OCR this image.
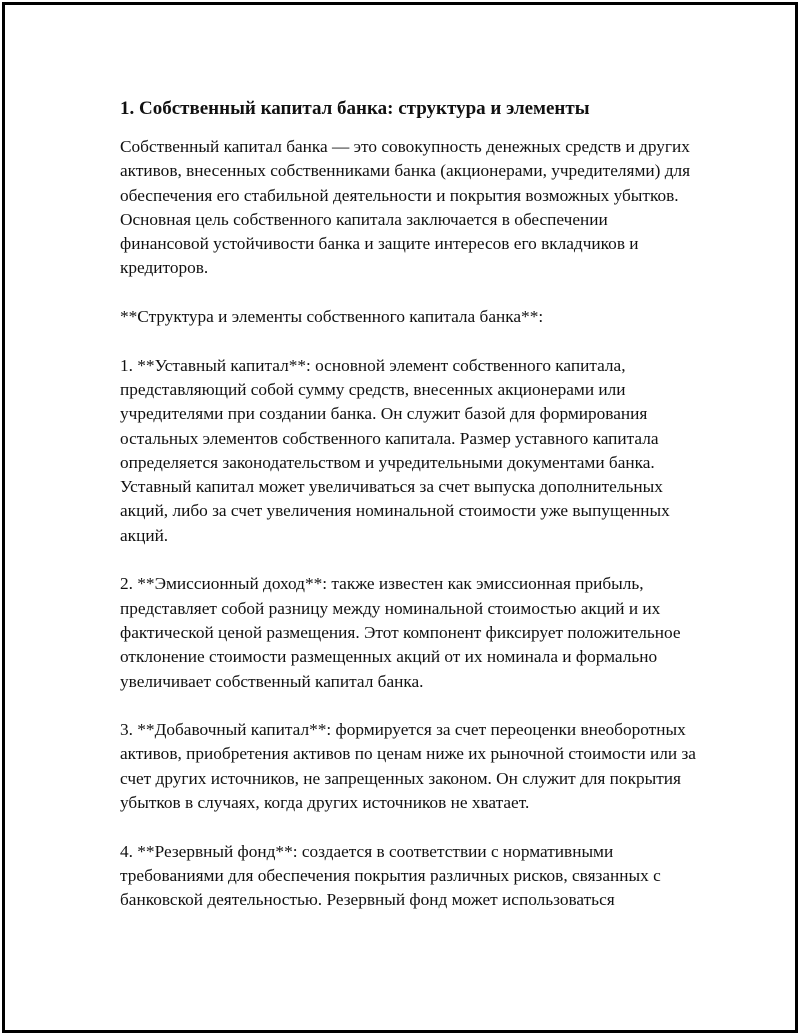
1. Собственный капитал банка: структура и элементы

Собственный капитал банка — это совокупность денежных средств и других активов, внесенных собственниками банка (акционерами, учредителями) для обеспечения его стабильной деятельности и покрытия возможных убытков. Основная цель собственного капитала заключается в обеспечении финансовой устойчивости банка и защите интересов его вкладчиков и кредиторов.

**Структура и элементы собственного капитала банка**:

1. **Уставный капитал**: основной элемент собственного капитала, представляющий собой сумму средств, внесенных акционерами или учредителями при создании банка. Он служит базой для формирования остальных элементов собственного капитала. Размер уставного капитала определяется законодательством и учредительными документами банка. Уставный капитал может увеличиваться за счет выпуска дополнительных акций, либо за счет увеличения номинальной стоимости уже выпущенных акций.

2. **Эмиссионный доход**: также известен как эмиссионная прибыль, представляет собой разницу между номинальной стоимостью акций и их фактической ценой размещения. Этот компонент фиксирует положительное отклонение стоимости размещенных акций от их номинала и формально увеличивает собственный капитал банка.

3. **Добавочный капитал**: формируется за счет переоценки внеоборотных активов, приобретения активов по ценам ниже их рыночной стоимости или за счет других источников, не запрещенных законом. Он служит для покрытия убытков в случаях, когда других источников не хватает.

4. **Резервный фонд**: создается в соответствии с нормативными требованиями для обеспечения покрытия различных рисков, связанных с банковской деятельностью. Резервный фонд может использоваться
